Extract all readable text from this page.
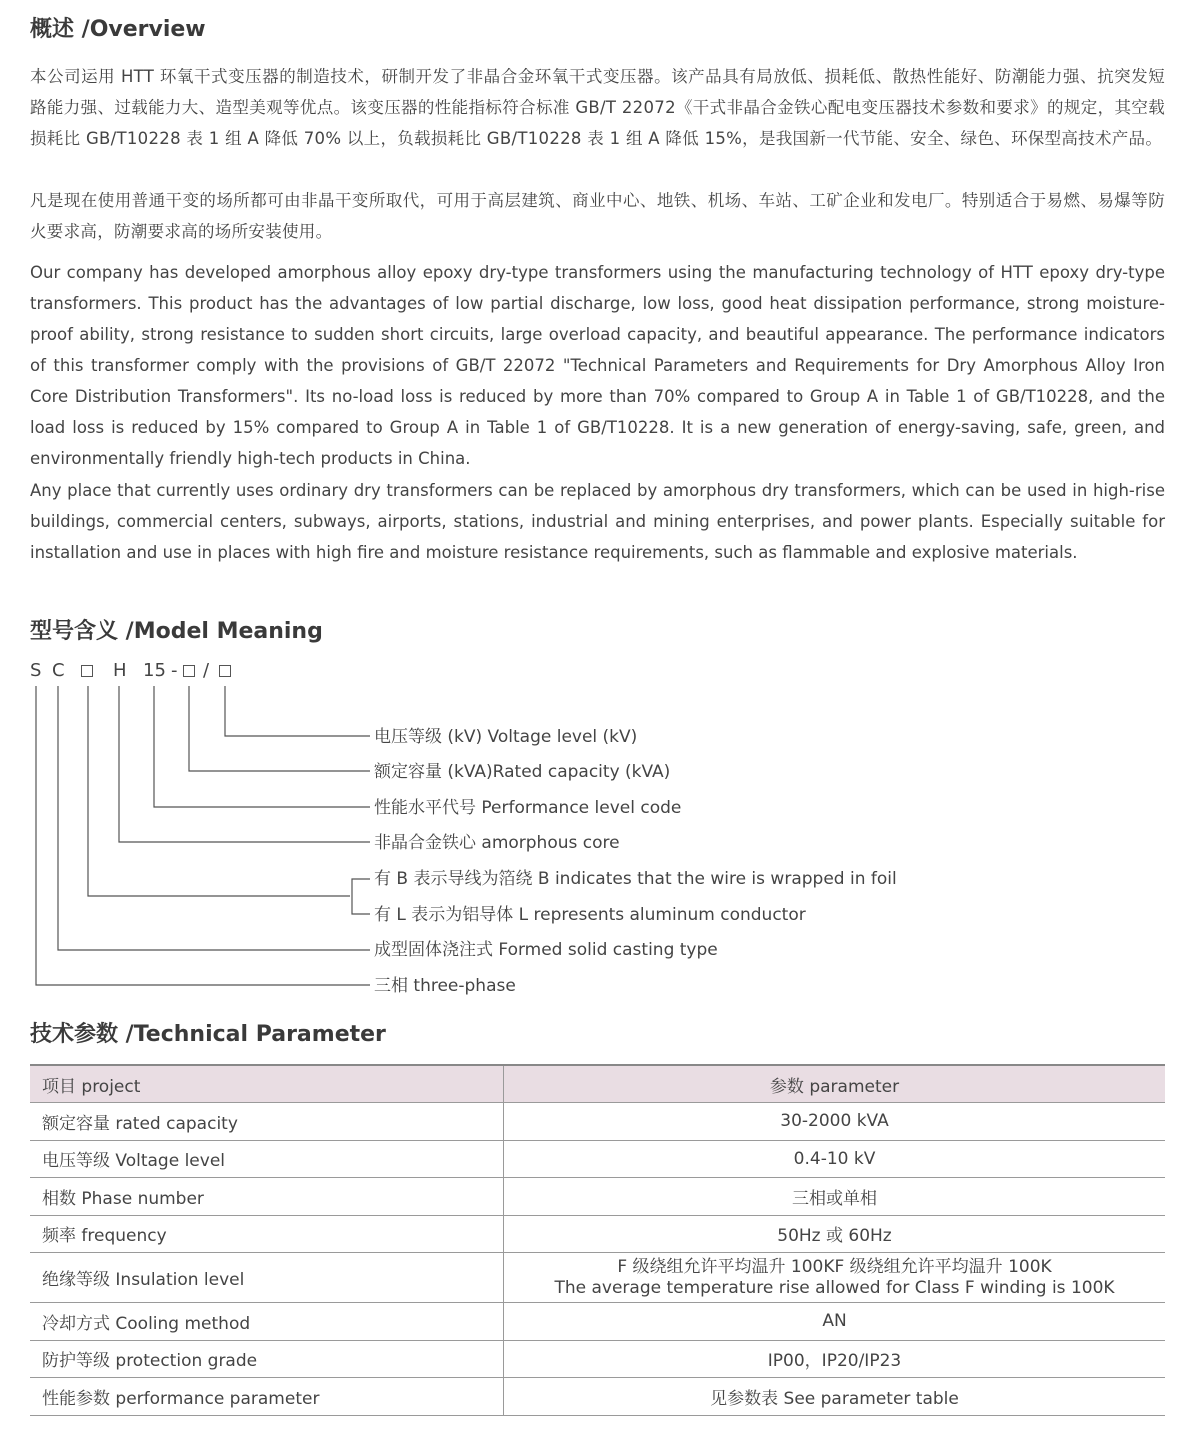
概述 /Overview

本公司运用 HTT 环氧干式变压器的制造技术，研制开发了非晶合金环氧干式变压器。该产品具有局放低、损耗低、散热性能好、防潮能力强、抗突发短路能力强、过载能力大、造型美观等优点。该变压器的性能指标符合标准 GB/T 22072《干式非晶合金铁心配电变压器技术参数和要求》的规定，其空载损耗比 GB/T10228 表 1 组 A 降低 70% 以上，负载损耗比 GB/T10228 表 1 组 A 降低 15%，是我国新一代节能、安全、绿色、环保型高技术产品。

凡是现在使用普通干变的场所都可由非晶干变所取代，可用于高层建筑、商业中心、地铁、机场、车站、工矿企业和发电厂。特别适合于易燃、易爆等防火要求高，防潮要求高的场所安装使用。

Our company has developed amorphous alloy epoxy dry-type transformers using the manufacturing technology of HTT epoxy dry-type transformers. This product has the advantages of low partial discharge, low loss, good heat dissipation performance, strong moisture-proof ability, strong resistance to sudden short circuits, large overload capacity, and beautiful appearance. The performance indicators of this transformer comply with the provisions of GB/T 22072 "Technical Parameters and Requirements for Dry Amorphous Alloy Iron Core Distribution Transformers". Its no-load loss is reduced by more than 70% compared to Group A in Table 1 of GB/T10228, and the load loss is reduced by 15% compared to Group A in Table 1 of GB/T10228. It is a new generation of energy-saving, safe, green, and environmentally friendly high-tech products in China.

Any place that currently uses ordinary dry transformers can be replaced by amorphous dry transformers, which can be used in high-rise buildings, commercial centers, subways, airports, stations, industrial and mining enterprises, and power plants. Especially suitable for installation and use in places with high fire and moisture resistance requirements, such as flammable and explosive materials.

型号含义 /Model Meaning
S C	H 15 - /
电压等级 (kV) Voltage level (kV)
额定容量 (kVA)Rated capacity (kVA)
性能水平代号 Performance level code
非晶合金铁心 amorphous core
有 B 表示导线为箔绕 B indicates that the wire is wrapped in foil
有 L 表示为铝导体 L represents aluminum conductor
成型固体浇注式 Formed solid casting type
三相 three-phase
技术参数 /Technical Parameter
项目 project	参数 parameter
额定容量 rated capacity	30-2000 kVA
电压等级 Voltage level	0.4-10 kV
相数 Phase number	三相或单相
频率 frequency	50Hz 或 60Hz
绝缘等级 Insulation level	F 级绕组允许平均温升 100KF 级绕组允许平均温升 100K
The average temperature rise allowed for Class F winding is 100K

冷却方式 Cooling method	AN
防护等级 protection grade	IP00，IP20/IP23
性能参数 performance parameter	见参数表 See parameter table
